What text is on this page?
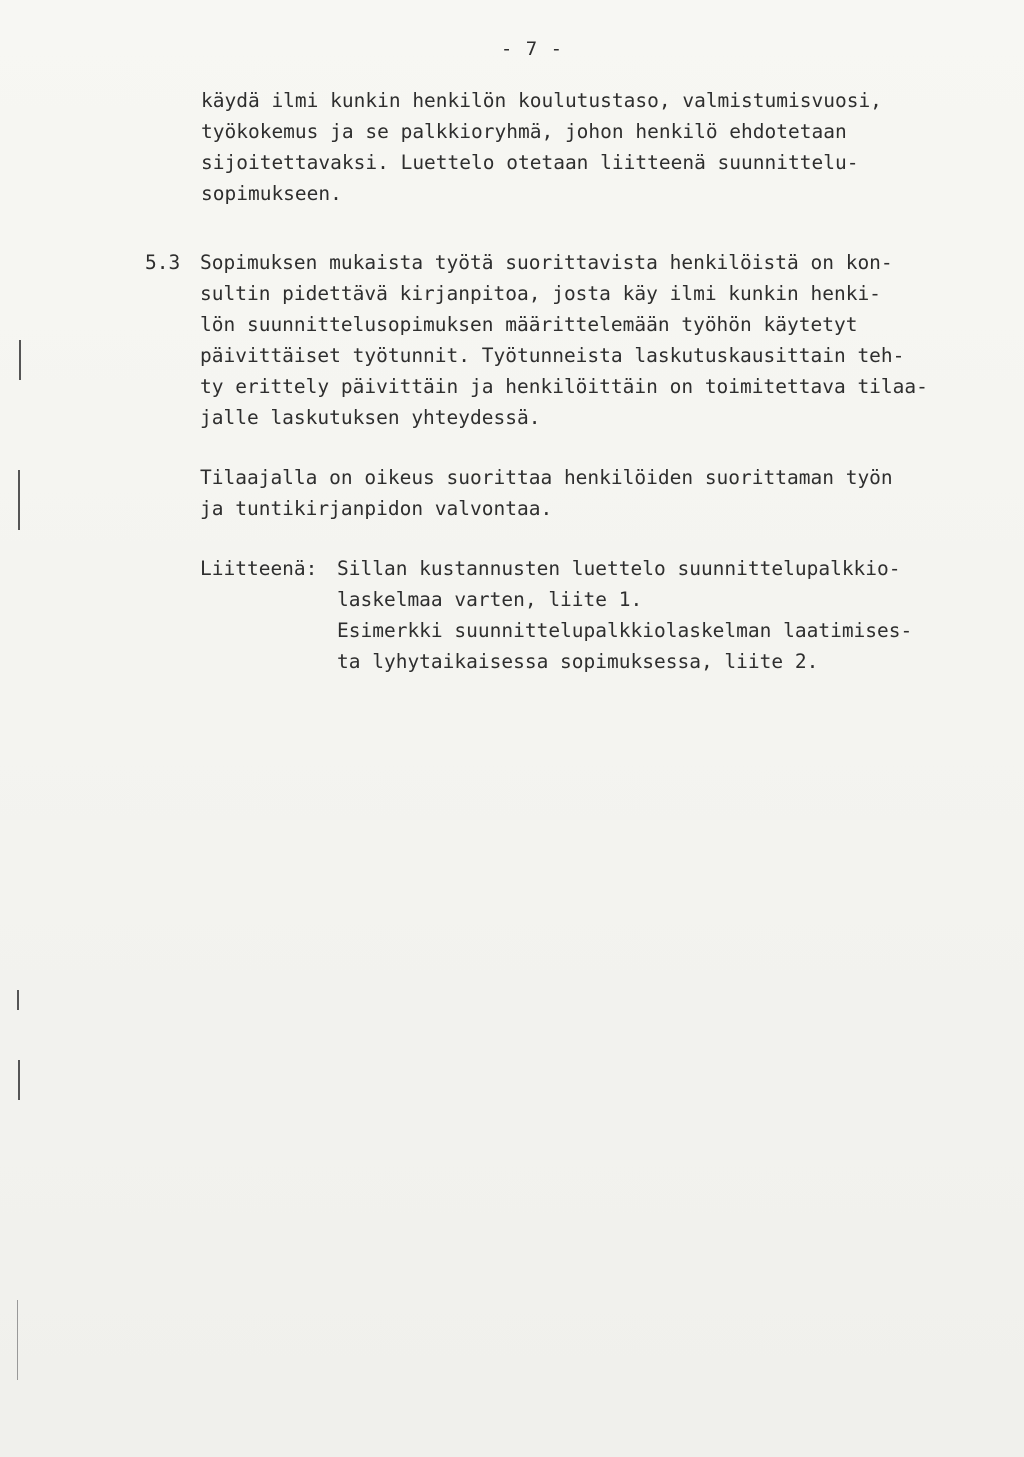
- 7 -
käydä ilmi kunkin henkilön koulutustaso, valmistumisvuosi,
työkokemus ja se palkkioryhmä, johon henkilö ehdotetaan
sijoitettavaksi. Luettelo otetaan liitteenä suunnittelu-
sopimukseen.
5.3 Sopimuksen mukaista työtä suorittavista henkilöistä on kon-
sultin pidettävä kirjanpitoa, josta käy ilmi kunkin henki-
lön suunnittelusopimuksen määrittelemään työhön käytetyt
päivittäiset työtunnit. Työtunneista laskutuskausittain teh-
ty erittely päivittäin ja henkilöittäin on toimitettava tilaa-
jalle laskutuksen yhteydessä.
Tilaajalla on oikeus suorittaa henkilöiden suorittaman työn
ja tuntikirjanpidon valvontaa.
Liitteenä: Sillan kustannusten luettelo suunnittelupalkkio-
laskelmaa varten, liite 1.
Esimerkki suunnittelupalkkiolaskelman laatimises-
ta lyhytaikaisessa sopimuksessa, liite 2.
